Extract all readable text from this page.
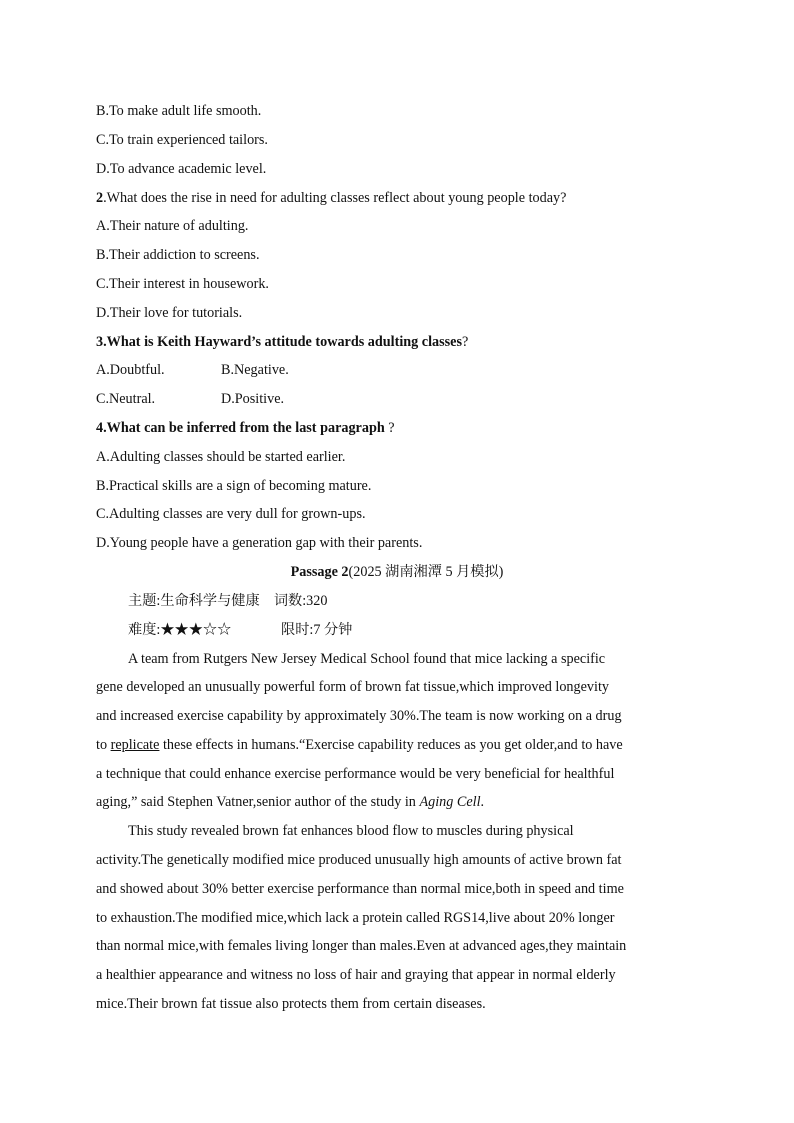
B.To make adult life smooth.
C.To train experienced tailors.
D.To advance academic level.
2.What does the rise in need for adulting classes reflect about young people today?
A.Their nature of adulting.
B.Their addiction to screens.
C.Their interest in housework.
D.Their love for tutorials.
3.What is Keith Hayward’s attitude towards adulting classes?
A.Doubtful.	B.Negative.
C.Neutral.	D.Positive.
4.What can be inferred from the last paragraph ?
A.Adulting classes should be started earlier.
B.Practical skills are a sign of becoming mature.
C.Adulting classes are very dull for grown-ups.
D.Young people have a generation gap with their parents.
Passage 2(2025 湖南湘潭 5 月模拟)
主题:生命科学与健康    词数:320
难度:★★★☆☆	限时:7 分钟
A team from Rutgers New Jersey Medical School found that mice lacking a specific
gene developed an unusually powerful form of brown fat tissue,which improved longevity
and increased exercise capability by approximately 30%.The team is now working on a drug
to replicate these effects in humans.“Exercise capability reduces as you get older,and to have
a technique that could enhance exercise performance would be very beneficial for healthful
aging,” said Stephen Vatner,senior author of the study in Aging Cell.
This study revealed brown fat enhances blood flow to muscles during physical
activity.The genetically modified mice produced unusually high amounts of active brown fat
and showed about 30% better exercise performance than normal mice,both in speed and time
to exhaustion.The modified mice,which lack a protein called RGS14,live about 20% longer
than normal mice,with females living longer than males.Even at advanced ages,they maintain
a healthier appearance and witness no loss of hair and graying that appear in normal elderly
mice.Their brown fat tissue also protects them from certain diseases.
